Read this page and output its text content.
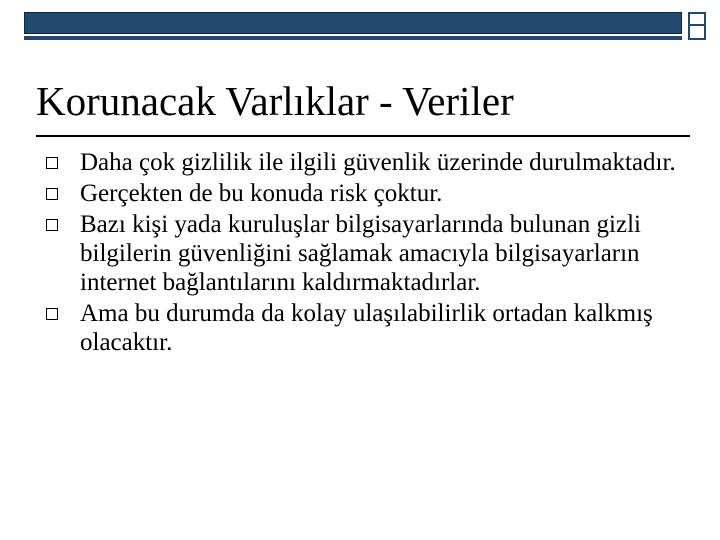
Korunacak Varlıklar - Veriler
Daha çok gizlilik ile ilgili güvenlik üzerinde durulmaktadır.
Gerçekten de bu konuda risk çoktur.
Bazı kişi yada kuruluşlar bilgisayarlarında bulunan gizli bilgilerin güvenliğini sağlamak amacıyla bilgisayarların internet bağlantılarını kaldırmaktadırlar.
Ama bu durumda da kolay ulaşılabilirlik ortadan kalkmış olacaktır.
